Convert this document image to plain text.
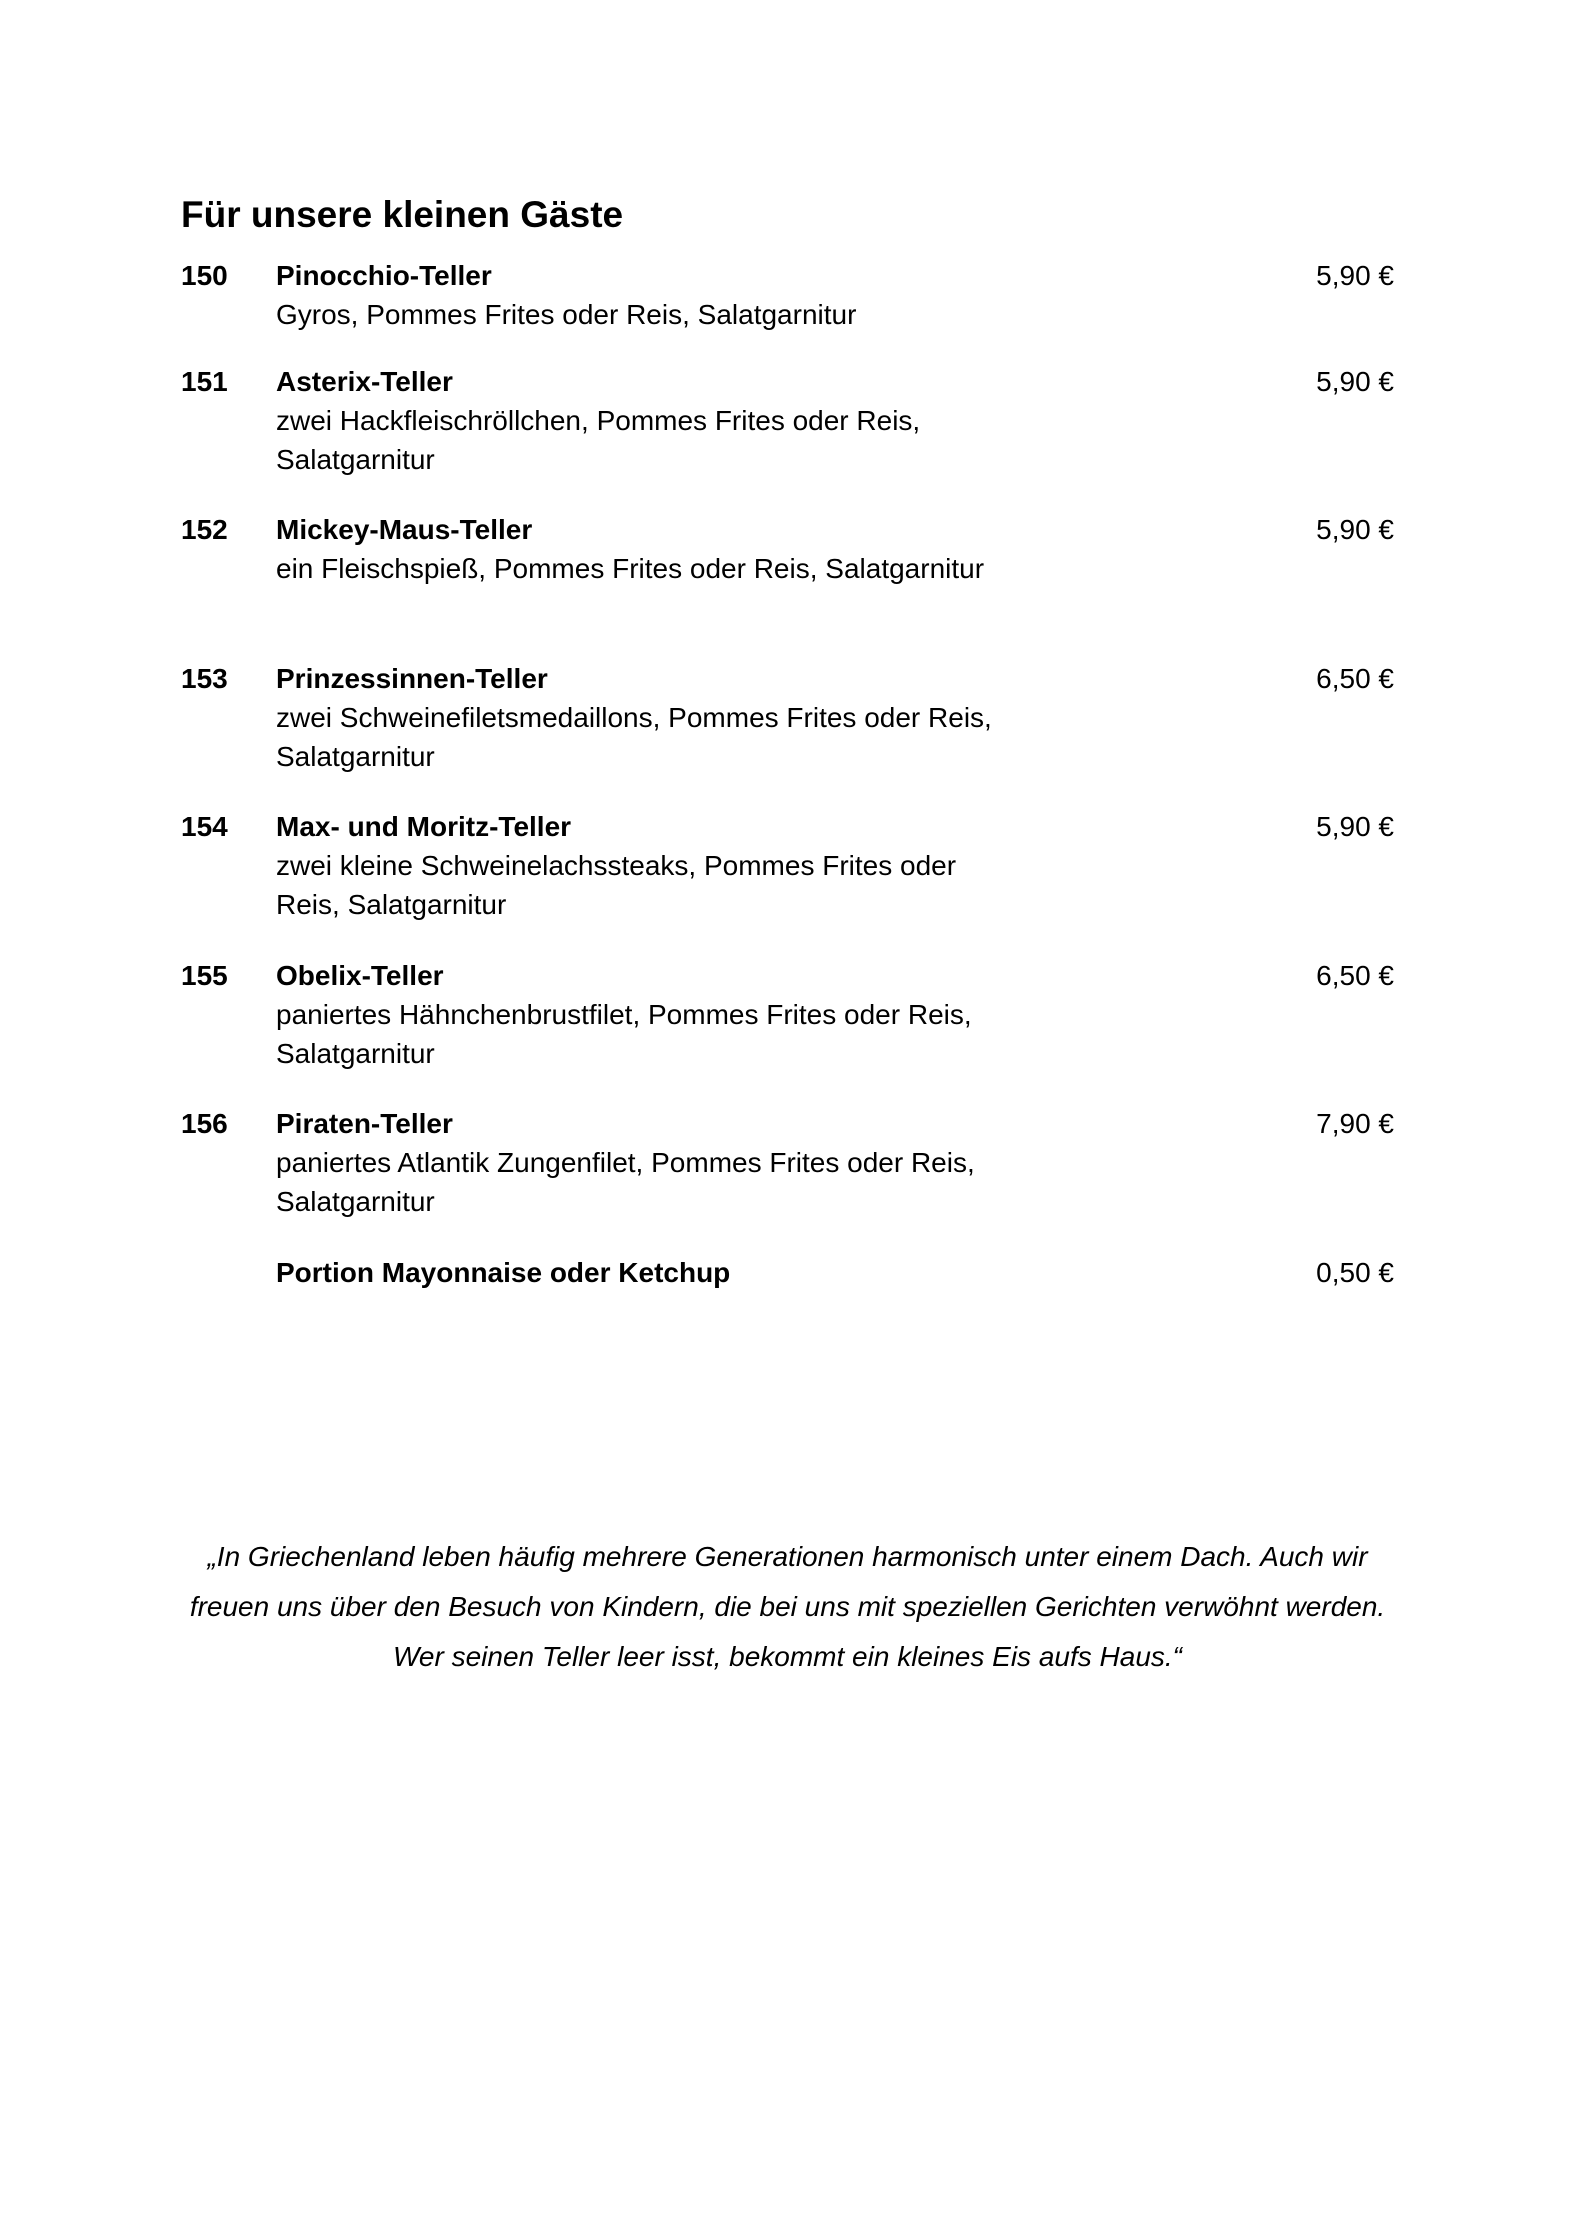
Für unsere kleinen Gäste
150 Pinocchio-Teller
Gyros, Pommes Frites oder Reis, Salatgarnitur
5,90 €
151 Asterix-Teller
zwei Hackfleischröllchen, Pommes Frites oder Reis, Salatgarnitur
5,90 €
152 Mickey-Maus-Teller
ein Fleischspieß, Pommes Frites oder Reis, Salatgarnitur
5,90 €
153 Prinzessinnen-Teller
zwei Schweinefiletsmedaillons, Pommes Frites oder Reis, Salatgarnitur
6,50 €
154 Max- und Moritz-Teller
zwei kleine Schweinelachssteaks, Pommes Frites oder Reis, Salatgarnitur
5,90 €
155 Obelix-Teller
paniertes Hähnchenbrustfilet, Pommes Frites oder Reis, Salatgarnitur
6,50 €
156 Piraten-Teller
paniertes Atlantik Zungenfilet, Pommes Frites oder Reis, Salatgarnitur
7,90 €
Portion Mayonnaise oder Ketchup	0,50 €
„In Griechenland leben häufig mehrere Generationen harmonisch unter einem Dach. Auch wir freuen uns über den Besuch von Kindern, die bei uns mit speziellen Gerichten verwöhnt werden. Wer seinen Teller leer isst, bekommt ein kleines Eis aufs Haus.“
